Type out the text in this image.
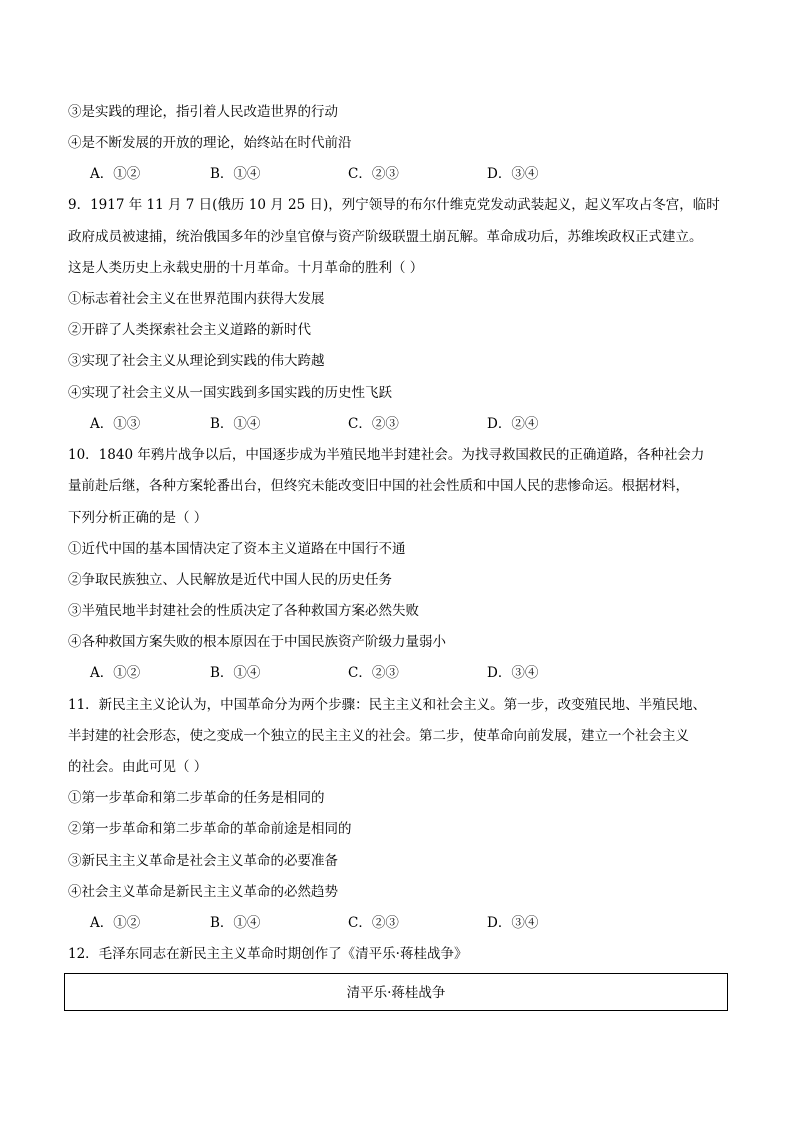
③是实践的理论，指引着人民改造世界的行动
④是不断发展的开放的理论，始终站在时代前沿
A．①②	B．①④	C．②③	D．③④
9．1917 年 11 月 7 日(俄历 10 月 25 日)，列宁领导的布尔什维克党发动武装起义，起义军攻占冬宫，临时
政府成员被逮捕，统治俄国多年的沙皇官僚与资产阶级联盟土崩瓦解。革命成功后，苏维埃政权正式建立。
这是人类历史上永载史册的十月革命。十月革命的胜利（ ）
①标志着社会主义在世界范围内获得大发展
②开辟了人类探索社会主义道路的新时代
③实现了社会主义从理论到实践的伟大跨越
④实现了社会主义从一国实践到多国实践的历史性飞跃
A．①③	B．①④	C．②③	D．②④
10．1840 年鸦片战争以后，中国逐步成为半殖民地半封建社会。为找寻救国救民的正确道路，各种社会力
量前赴后继，各种方案轮番出台，但终究未能改变旧中国的社会性质和中国人民的悲惨命运。根据材料，
下列分析正确的是（ ）
①近代中国的基本国情决定了资本主义道路在中国行不通
②争取民族独立、人民解放是近代中国人民的历史任务
③半殖民地半封建社会的性质决定了各种救国方案必然失败
④各种救国方案失败的根本原因在于中国民族资产阶级力量弱小
A．①②	B．①④	C．②③	D．③④
11．新民主主义论认为，中国革命分为两个步骤：民主主义和社会主义。第一步，改变殖民地、半殖民地、
半封建的社会形态，使之变成一个独立的民主主义的社会。第二步，使革命向前发展，建立一个社会主义
的社会。由此可见（ ）
①第一步革命和第二步革命的任务是相同的
②第一步革命和第二步革命的革命前途是相同的
③新民主主义革命是社会主义革命的必要准备
④社会主义革命是新民主主义革命的必然趋势
A．①②	B．①④	C．②③	D．③④
12．毛泽东同志在新民主主义革命时期创作了《清平乐·蒋桂战争》
清平乐·蒋桂战争
